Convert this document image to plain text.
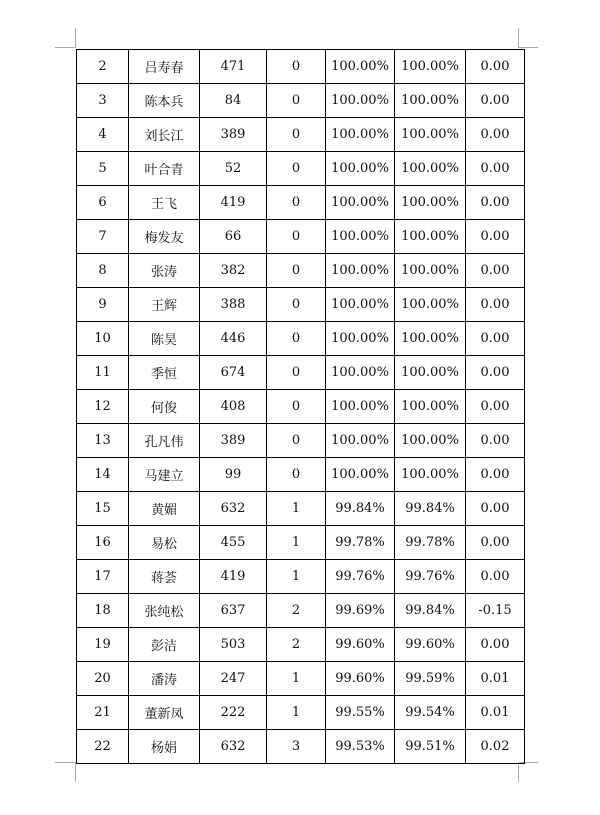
2	吕寿春	471	0	100.00%	100.00%	0.00
3	陈本兵	84	0	100.00%	100.00%	0.00
4	刘长江	389	0	100.00%	100.00%	0.00
5	叶合青	52	0	100.00%	100.00%	0.00
6	王飞	419	0	100.00%	100.00%	0.00
7	梅发友	66	0	100.00%	100.00%	0.00
8	张涛	382	0	100.00%	100.00%	0.00
9	王辉	388	0	100.00%	100.00%	0.00
10	陈昊	446	0	100.00%	100.00%	0.00
11	季恒	674	0	100.00%	100.00%	0.00
12	何俊	408	0	100.00%	100.00%	0.00
13	孔凡伟	389	0	100.00%	100.00%	0.00
14	马建立	99	0	100.00%	100.00%	0.00
15	黄媚	632	1	99.84%	99.84%	0.00
16	易松	455	1	99.78%	99.78%	0.00
17	蒋荟	419	1	99.76%	99.76%	0.00
18	张纯松	637	2	99.69%	99.84%	-0.15
19	彭洁	503	2	99.60%	99.60%	0.00
20	潘涛	247	1	99.60%	99.59%	0.01
21	董新凤	222	1	99.55%	99.54%	0.01
22	杨娟	632	3	99.53%	99.51%	0.02
